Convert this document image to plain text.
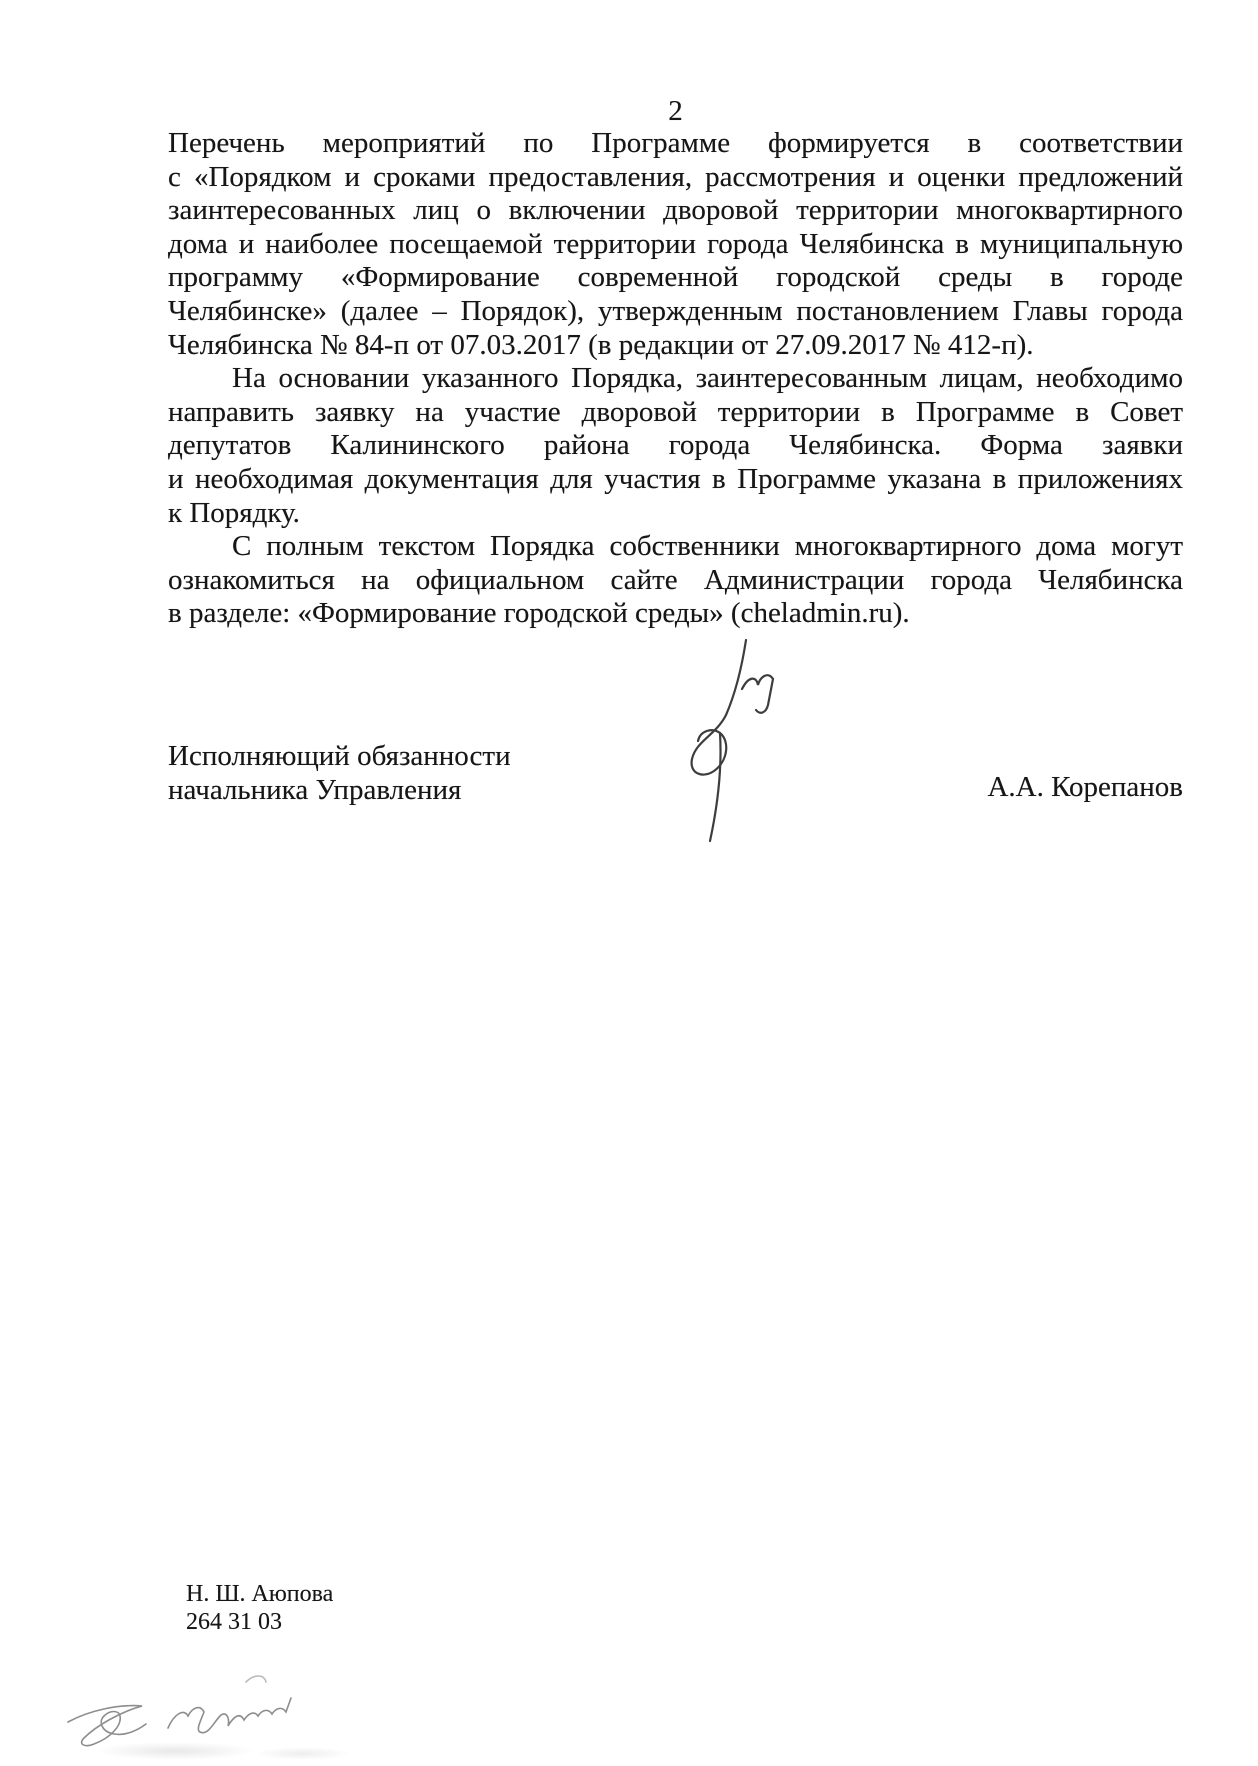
2
Перечень мероприятий по Программе формируется в соответствии
с «Порядком и сроками предоставления, рассмотрения и оценки предложений
заинтересованных лиц о включении дворовой территории многоквартирного
дома и наиболее посещаемой территории города Челябинска в муниципальную
программу «Формирование современной городской среды в городе
Челябинске» (далее – Порядок), утвержденным постановлением Главы города
Челябинска № 84-п от 07.03.2017 (в редакции от 27.09.2017 № 412-п).
На основании указанного Порядка, заинтересованным лицам, необходимо
направить заявку на участие дворовой территории в Программе в Совет
депутатов Калининского района города Челябинска. Форма заявки
и необходимая документация для участия в Программе указана в приложениях
к Порядку.
С полным текстом Порядка собственники многоквартирного дома могут
ознакомиться на официальном сайте Администрации города Челябинска
в разделе: «Формирование городской среды» (cheladmin.ru).
Исполняющий обязанности
начальника Управления	А.А. Корепанов
Н. Ш. Аюпова
264 31 03
